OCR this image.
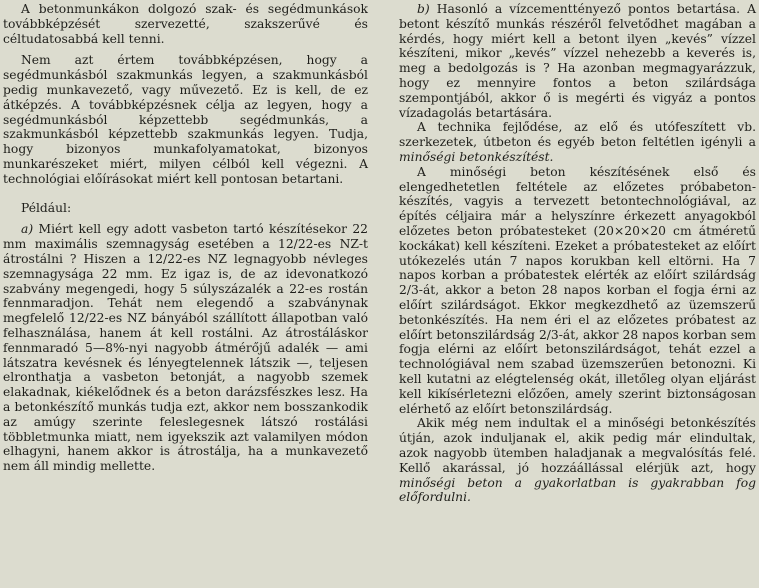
A betonmunkákon dolgozó szak- és segédmunkások továbbképzését szervezetté, szakszerűvé és céltudatosabbá kell tenni.

Nem azt értem továbbképzésen, hogy a segédmunkásból szakmunkás legyen, a szakmunkásból pedig munkavezető, vagy művezető. Ez is kell, de ez átképzés. A továbbképzésnek célja az legyen, hogy a segédmunkásból képzettebb segédmunkás, a szakmunkásból képzettebb szakmunkás legyen. Tudja, hogy bizonyos munkafolyamatokat, bizonyos munkarészeket miért, milyen célból kell végezni. A technológiai előírásokat miért kell pontosan betartani.

Például:

a) Miért kell egy adott vasbeton tartó készítésekor 22 mm maximális szemnagyság esetében a 12/22-es NZ-t átrostálni ? Hiszen a 12/22-es NZ legnagyobb névleges szemnagysága 22 mm. Ez igaz is, de az idevonatkozó szabvány megengedi, hogy 5 súlyszázalék a 22-es rostán fennmaradjon. Tehát nem elegendő a szabványnak megfelelő 12/22-es NZ bányából szállított állapotban való felhasználása, hanem át kell rostálni. Az átrostáláskor fennmaradó 5—8%-nyi nagyobb átmérőjű adalék — ami látszatra kevésnek és lényegtelennek látszik —, teljesen elronthatja a vasbeton betonját, a nagyobb szemek elakadnak, kiékelődnek és a beton darázsfészkes lesz. Ha a betonkészítő munkás tudja ezt, akkor nem bosszankodik az amúgy szerinte feleslegesnek látszó rostálási többletmunka miatt, nem igyekszik azt valamilyen módon elhagyni, hanem akkor is átrostálja, ha a munkavezető nem áll mindig mellette.

b) Hasonló a vízcementtényező pontos betartása. A betont készítő munkás részéről felvetődhet magában a kérdés, hogy miért kell a betont ilyen „kevés” vízzel készíteni, mikor „kevés” vízzel nehezebb a keverés is, meg a bedolgozás is ? Ha azonban megmagyarázzuk, hogy ez mennyire fontos a beton szilárdsága szempontjából, akkor ő is megérti és vigyáz a pontos vízadagolás betartására.

A technika fejlődése, az elő és utófeszített vb. szerkezetek, útbeton és egyéb beton feltétlen igényli a minőségi betonkészítést.

A minőségi beton készítésének első és elengedhetetlen feltétele az előzetes próbabeton-készítés, vagyis a tervezett betontechnológiával, az építés céljaira már a helyszínre érkezett anyagokból előzetes beton próbatesteket (20×20×20 cm átméretű kockákat) kell készíteni. Ezeket a próbatesteket az előírt utókezelés után 7 napos korukban kell eltörni. Ha 7 napos korban a próbatestek elérték az előírt szilárdság 2/3-át, akkor a beton 28 napos korban el fogja érni az előírt szilárdságot. Ekkor megkezdhető az üzemszerű betonkészítés. Ha nem éri el az előzetes próbatest az előírt betonszilárdság 2/3-át, akkor 28 napos korban sem fogja elérni az előírt betonszilárdságot, tehát ezzel a technológiával nem szabad üzemszerűen betonozni. Ki kell kutatni az elégtelenség okát, illetőleg olyan eljárást kell kikísérletezni előzően, amely szerint biztonságosan elérhető az előírt betonszilárdság.

Akik még nem indultak el a minőségi betonkészítés útján, azok induljanak el, akik pedig már elindultak, azok nagyobb ütemben haladjanak a megvalósítás felé. Kellő akarással, jó hozzáállással elérjük azt, hogy minőségi beton a gyakorlatban is gyakrabban fog előfordulni.
